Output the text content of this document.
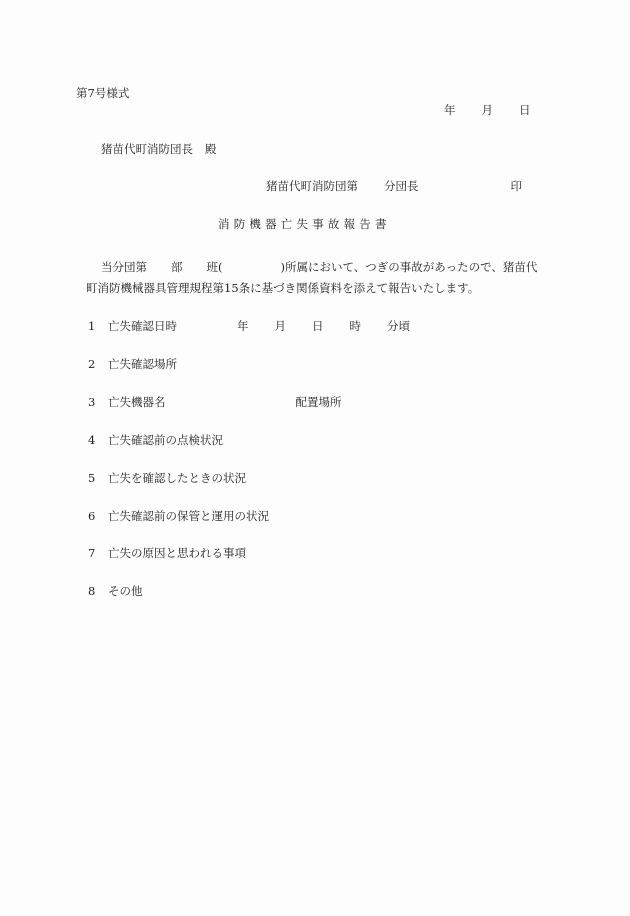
第7号様式
年 月 日
猪苗代町消防団長 殿
猪苗代町消防団第 分団長	印
消防機器亡失事故報告書
当分団第 部 班(	)所属において、つぎの事故があったので、猪苗代
町消防機械器具管理規程第15条に基づき関係資料を添えて報告いたします。
1 亡失確認日時	年 月 日 時 分頃
2 亡失確認場所
3 亡失機器名	配置場所
4 亡失確認前の点検状況
5 亡失を確認したときの状況
6 亡失確認前の保管と運用の状況
7 亡失の原因と思われる事項
8 その他
